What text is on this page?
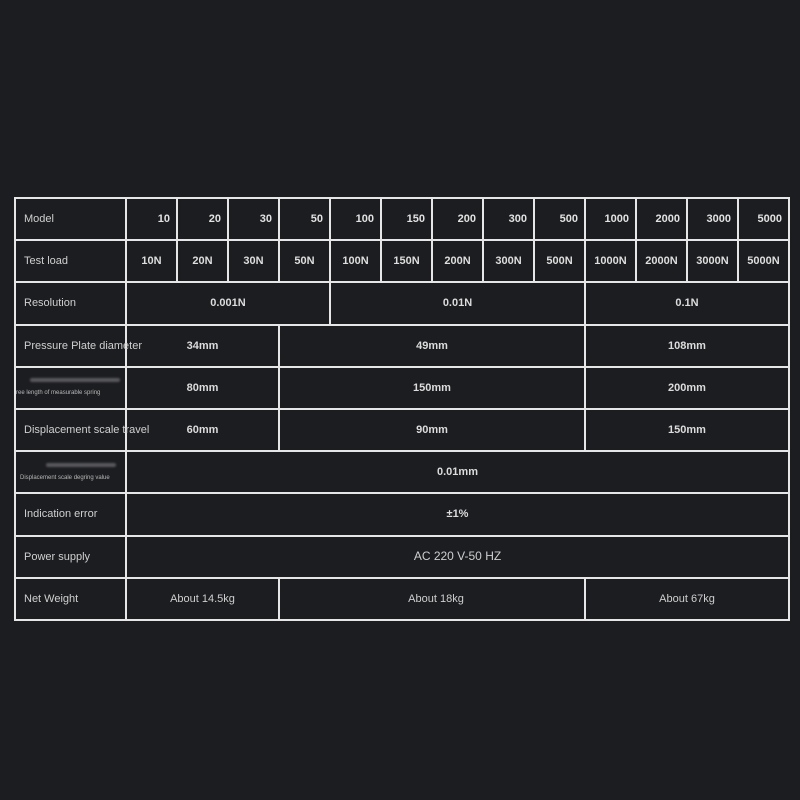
Model	10	20	30	50	100	150	200	300	500	1000	2000	3000	5000
Test load	10N	20N	30N	50N	100N	150N	200N	300N	500N	1000N	2000N	3000N	5000N
Resolution	0.001N				0.01N					0.1N			
Pressure Plate diameter	34mm			49mm						108mm			

ree length of measurable spring	80mm			150mm						200mm			
Displacement scale travel	60mm			90mm						150mm			

Displacement scale degring value	0.01mm												
Indication error	±1%												
Power supply	AC 220 V-50 HZ												
Net Weight	About 14.5kg			About 18kg						About 67kg			
